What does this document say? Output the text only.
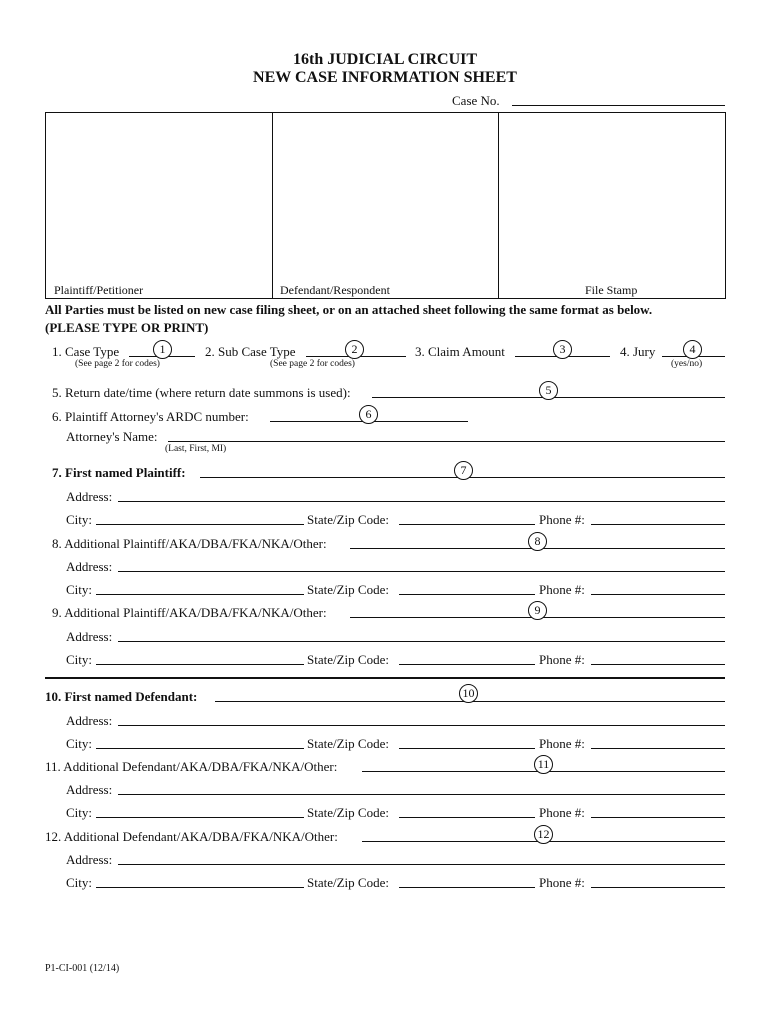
16th JUDICIAL CIRCUIT
NEW CASE INFORMATION SHEET
Case No.
Plaintiff/Petitioner	Defendant/Respondent	File Stamp
All Parties must be listed on new case filing sheet, or on an attached sheet following the same format as below.
(PLEASE TYPE OR PRINT)
1. Case Type	1
(See page 2 for codes)
2. Sub Case Type	2
(See page 2 for codes)
3. Claim Amount	3	4. Jury	4
(yes/no)
5. Return date/time (where return date summons is used):	5
6. Plaintiff Attorney's ARDC number:	6
Attorney's Name:
(Last, First, MI)
7. First named Plaintiff:	7
Address:
City:	State/Zip Code:	Phone #:
8. Additional Plaintiff/AKA/DBA/FKA/NKA/Other:	8
Address:
City:	State/Zip Code:	Phone #:
9. Additional Plaintiff/AKA/DBA/FKA/NKA/Other:	9
Address:
City:	State/Zip Code:	Phone #:
10. First named Defendant:	10
Address:
City:	State/Zip Code:	Phone #:
11. Additional Defendant/AKA/DBA/FKA/NKA/Other:	11
Address:
City:	State/Zip Code:	Phone #:
12. Additional Defendant/AKA/DBA/FKA/NKA/Other:	12
Address:
City:	State/Zip Code:	Phone #:
P1-CI-001 (12/14)
